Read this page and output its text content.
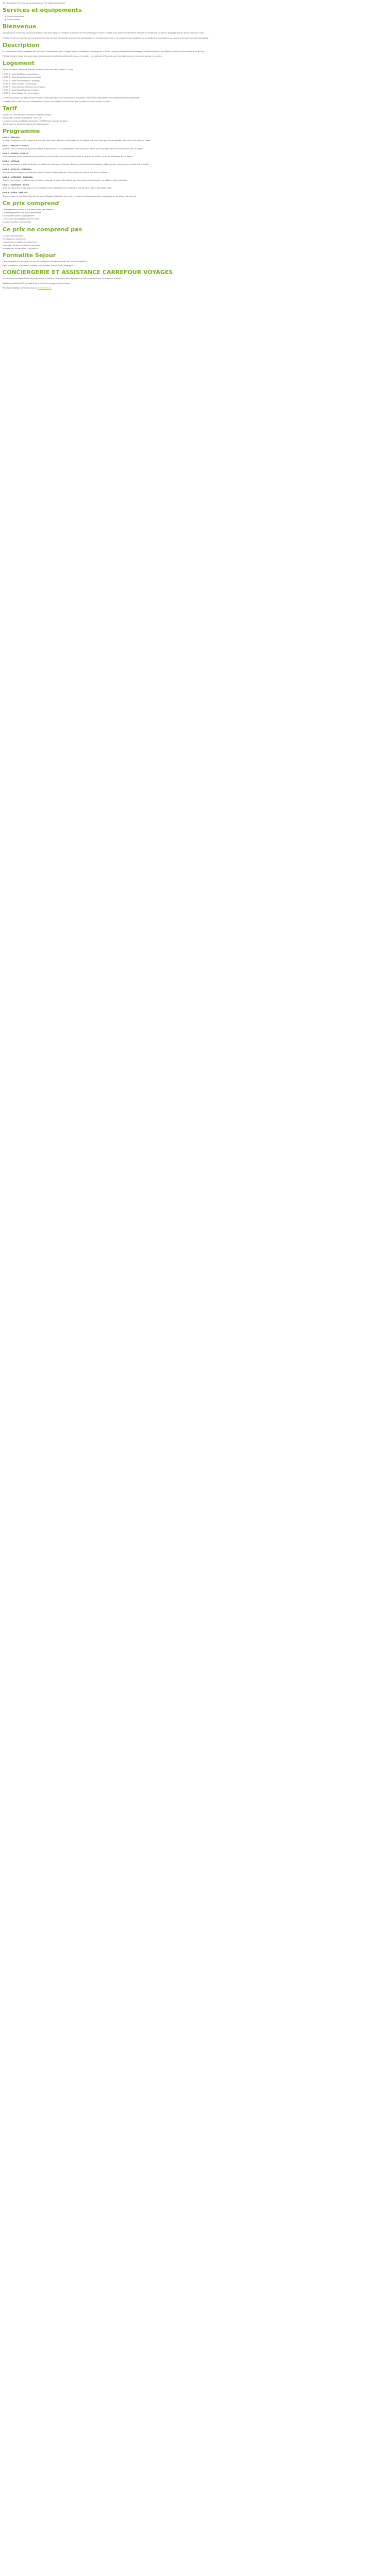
Tour Andalousie | En prive ou accompagne par Formalite Cyclotourisme

Services et equipements
Guide francophone
Cyclotourisme
Bienvenue

Vos voyageurs en bord de plage sont attendus par notre equipe a l'aeroport et conduits en bus prive jusqu'a l'hotel a Malaga. Pour apprecier pleinement l'arrivee en Andalousie, un apercu du programme du sejour vous sera remis.

Profitez de votre temps libre pour vous promener dans le centre historique, le port et les ruelles animees. Le sejour comprend un accompagnement quotidien par un guide local francophone qui vous fera decouvrir la culture andalouse.

Description

Un programme riche en paysages pour decouvrir l'Andalousie a velo : villages blancs, oliveraies et montagnes de la Sierra. Chaque journee associe des etapes cyclables adaptees, des visites culturelles et des moments de detente.

Profitez de votre temps libre pour visiter les monuments, gouter la gastronomie locale et rencontrer les habitants. L'itineraire peut etre adapte selon le niveau du groupe et la meteo.

Logement

Sejour en hotels 3 etoiles et 4 etoiles situes au centre des villes etapes (7 nuits).

HOTEL 1 : Hotel Sol Malaga (ou similaire)

HOTEL 2 : Hotel Ronda Centro (ou similaire)

HOTEL 3 : Hotel Sevilla Plaza (ou similaire)

HOTEL 4 : Hotel Cordoba (ou similaire)

HOTEL 5 : Hotel Granada Alhambra (ou similaire)

HOTEL 6 : Hotel Nerja Playa (ou similaire)

HOTEL 7 : Hotel Malaga Port (ou similaire)

Chambres doubles avec salle de bain privative. Petit-dejeuner inclus chaque matin. Chambres individuelles disponibles avec supplement selon disponibilite.

Les hotels sont choisis pour leur emplacement central, leur confort et leur accueil des cyclistes avec local a velos securise.

Tarif

A partir de 1 890 EUR par personne en chambre double.

Supplement chambre individuelle : 390 EUR.

Location de velo a assistance electrique : 180 EUR pour la duree du sejour.

Tarif groupe sur demande a partir de 10 participants.

Programme

JOUR 1 : MALAGA

Arrivee a Malaga, accueil a l'aeroport et transfert vers l'hotel. Reunion d'information en fin d'apres-midi avec votre guide et remise des velos. Diner libre et nuit a l'hotel.

JOUR 2 : MALAGA - RONDA

Transfert vers la Serrania de Ronda puis etape a velo a travers les villages blancs. Visite de Ronda, de son pont neuf et de ses arenes historiques. Nuit a Ronda.

JOUR 3 : RONDA - SEVILLA

Etape vallonnee entre oliveraies et champs de ble, puis transfert vers Seville. Decouverte du quartier de Santa Cruz en fin de journee. Nuit a Seville.

JOUR 4 : SEVILLA

Journee consacree a la visite de Seville : la cathedrale, la Giralda et l'Alcazar. Balade a velo le long du Guadalquivir et temps libre pour decouvrir la ville. Nuit a Seville.

JOUR 5 : SEVILLA - CORDOBA

Parcours dans la campagne andalouse jusqu'a Cordoue. Visite guidee de la Mezquita et du quartier juif. Nuit a Cordoue.

JOUR 6 : CORDOBA - GRANADA

Transfert puis etape cyclable au pied de la Sierra Nevada. Arrivee a Grenade et premiere decouverte du quartier de l'Albaicin. Nuit a Grenade.

JOUR 7 : GRANADA - NERJA

Visite de l'Alhambra et des jardins du Generalife le matin. Descente vers la cote et la ville de Nerja l'apres-midi. Nuit a Nerja.

JOUR 8 : NERJA - MALAGA

Derniere etape le long de la Costa del Sol jusqu'a Malaga. Restitution des velos et transfert vers l'aeroport selon vos horaires de vol. Fin de nos services.

Ce prix comprend

L'hebergement en hotels 3 et 4 etoiles avec petit-dejeuner

L'accompagnement d'un guide francophone

Les transferts prevus au programme

Le transport des bagages entre les hotels

Les visites guidees mentionnees

Ce prix ne comprend pas

Les vols internationaux

Les repas non mentionnes

L'assurance annulation et rapatriement

La location du velo a assistance electrique

Les depenses personnelles et pourboires

Formalite Sejour

Carte d'identite ou passeport en cours de validite pour les ressortissants de l'Union europeenne.

Carte europeenne d'assurance maladie recommandee. Aucun vaccin obligatoire.

CONCIERGERIE ET ASSISTANCE CARREFOUR VOYAGES

Un service de conciergerie est disponible avant et pendant votre sejour pour repondre a toutes vos questions et organiser vos activites.

Assistance joignable 7j/7 pendant toute la duree du voyage en cas de besoin.

Pour toute question, contactez-nous au 02 40 XX XX XX
